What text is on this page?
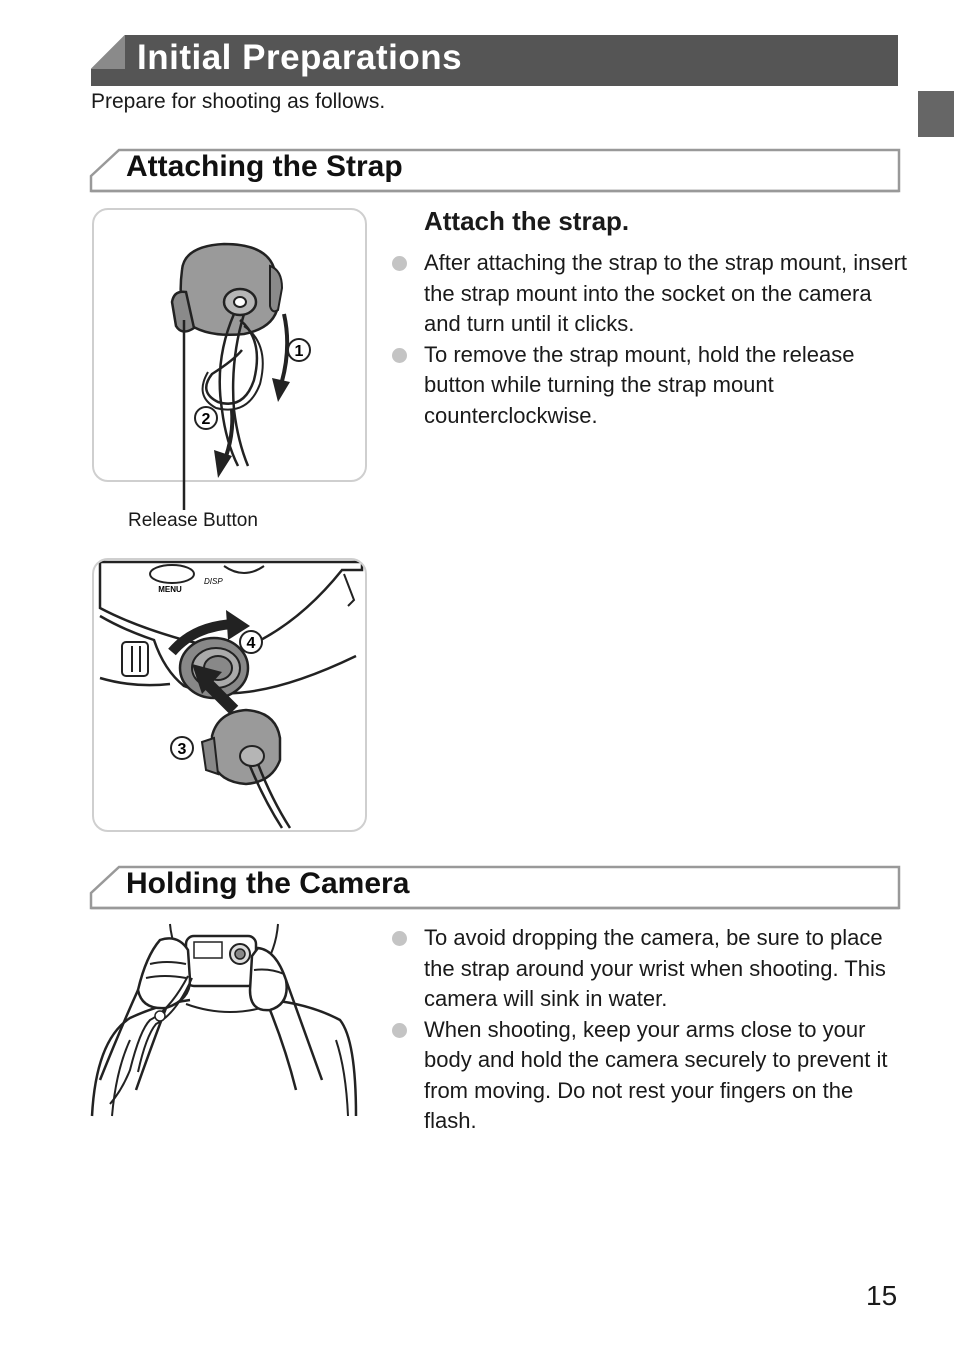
Initial Preparations
Prepare for shooting as follows.
Attaching the Strap
1
2
Release Button
MENU
DISP
4
3
Attach the strap.
After attaching the strap to the strap mount, insert the strap mount into the socket on the camera and turn until it clicks.
To remove the strap mount, hold the release button while turning the strap mount counterclockwise.
Holding the Camera
To avoid dropping the camera, be sure to place the strap around your wrist when shooting. This camera will sink in water.
When shooting, keep your arms close to your body and hold the camera securely to prevent it from moving. Do not rest your fingers on the flash.
15
